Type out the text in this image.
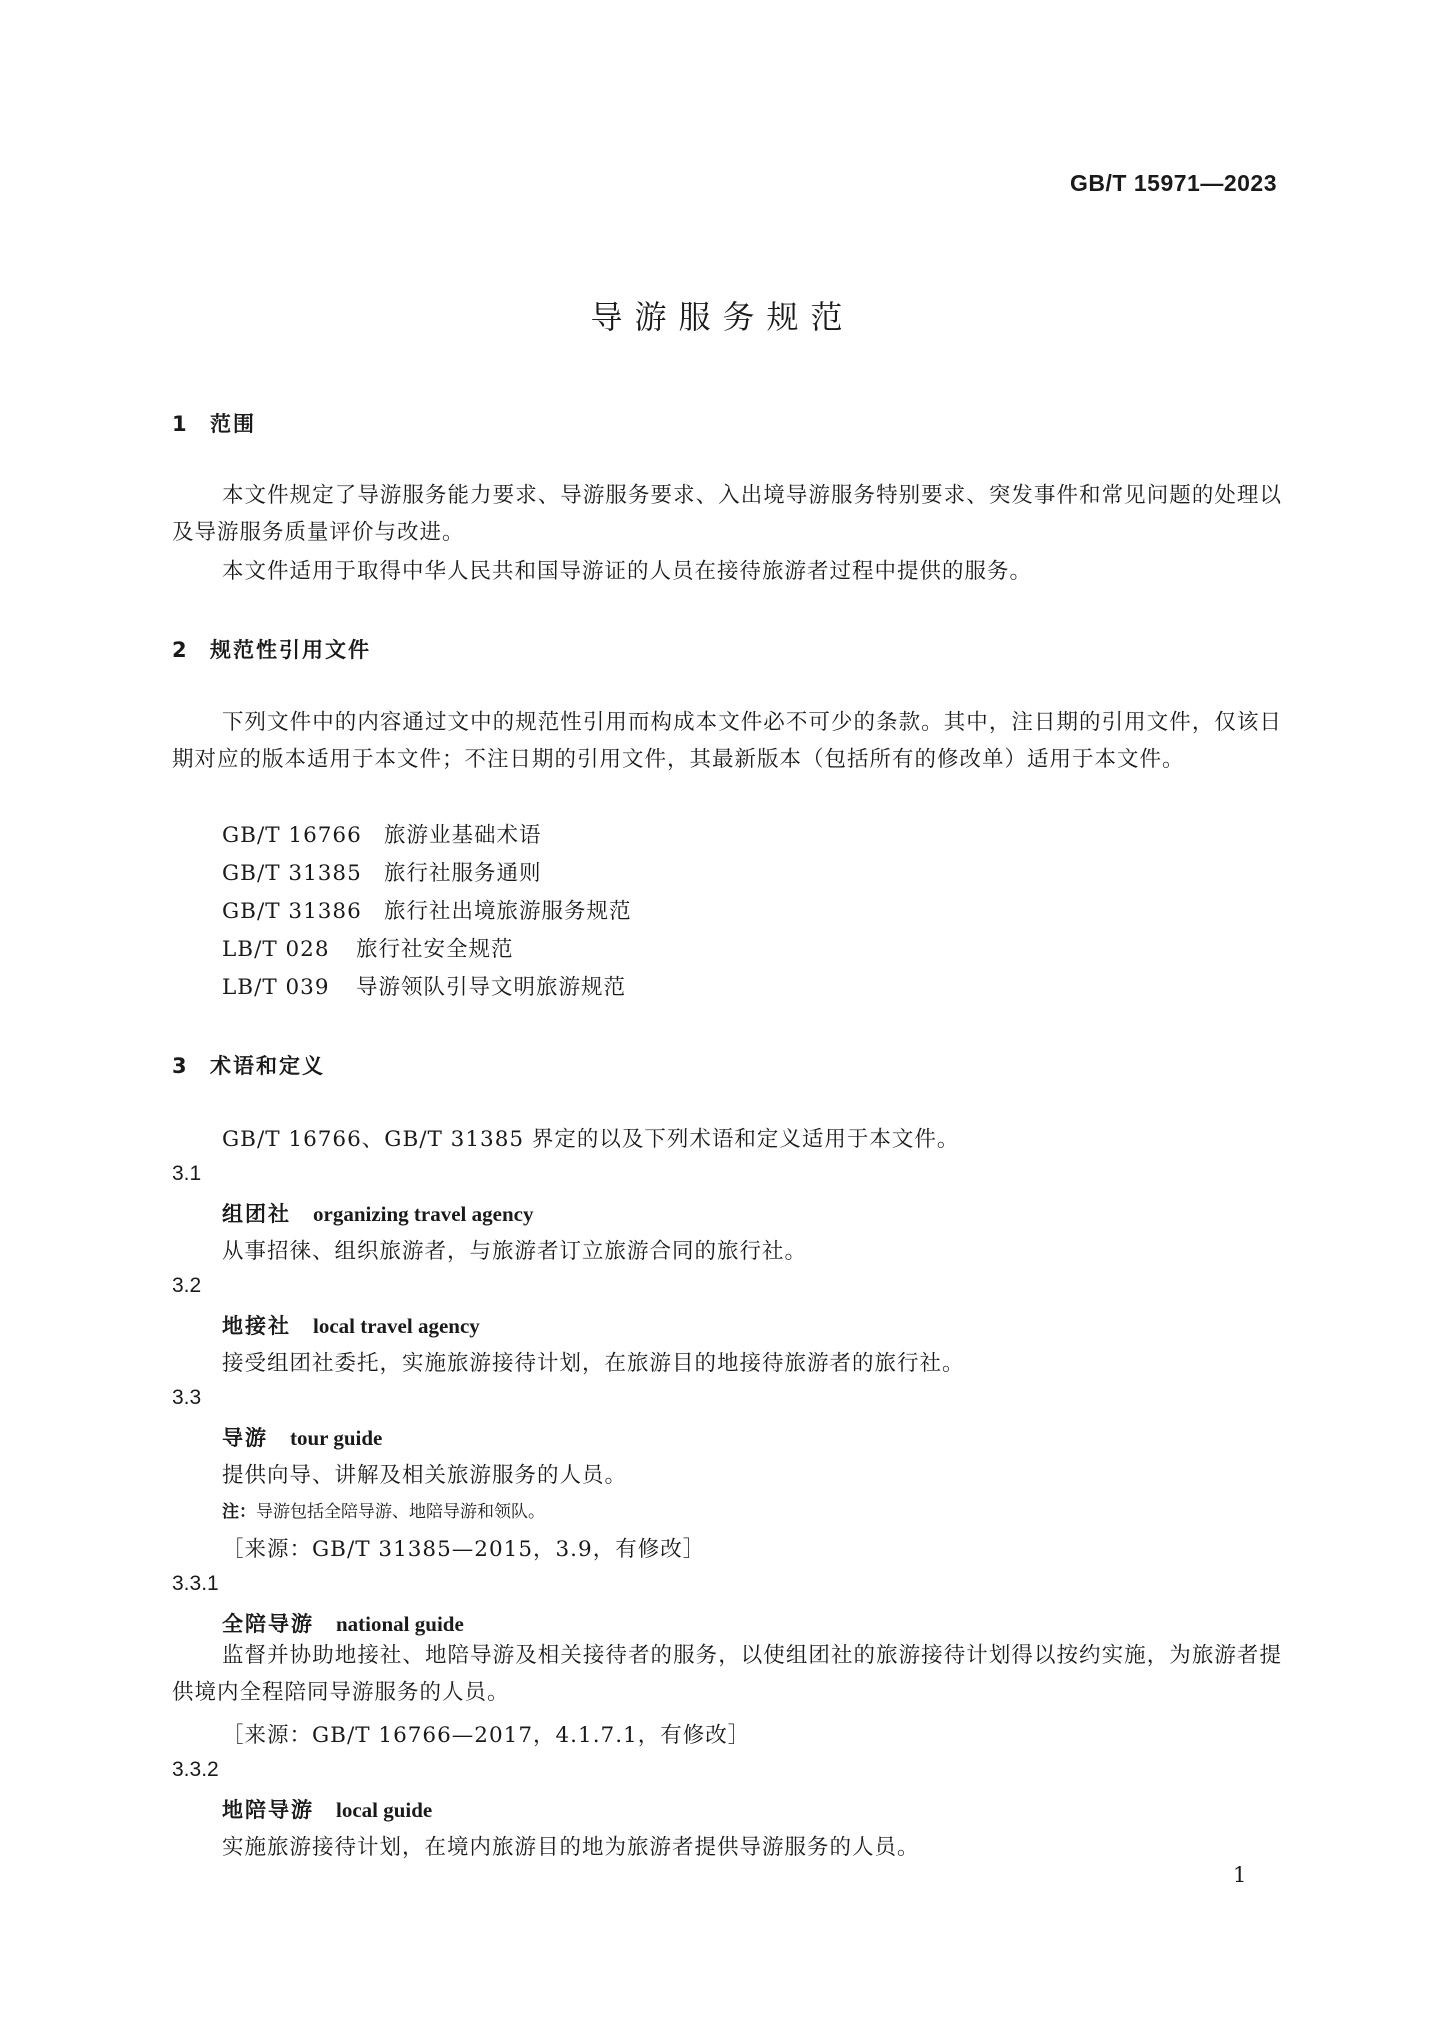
GB/T 15971—2023
导游服务规范
1 范围
本文件规定了导游服务能力要求、导游服务要求、入出境导游服务特别要求、突发事件和常见问题的处理以及导游服务质量评价与改进。
本文件适用于取得中华人民共和国导游证的人员在接待旅游者过程中提供的服务。
2 规范性引用文件
下列文件中的内容通过文中的规范性引用而构成本文件必不可少的条款。其中，注日期的引用文件，仅该日期对应的版本适用于本文件；不注日期的引用文件，其最新版本（包括所有的修改单）适用于本文件。
GB/T 16766 旅游业基础术语
GB/T 31385 旅行社服务通则
GB/T 31386 旅行社出境旅游服务规范
LB/T 028 旅行社安全规范
LB/T 039 导游领队引导文明旅游规范
3 术语和定义
GB/T 16766、GB/T 31385 界定的以及下列术语和定义适用于本文件。
3.1
组团社 organizing travel agency
从事招徕、组织旅游者，与旅游者订立旅游合同的旅行社。
3.2
地接社 local travel agency
接受组团社委托，实施旅游接待计划，在旅游目的地接待旅游者的旅行社。
3.3
导游 tour guide
提供向导、讲解及相关旅游服务的人员。
注：导游包括全陪导游、地陪导游和领队。
［来源：GB/T 31385—2015，3.9，有修改］
3.3.1
全陪导游 national guide
监督并协助地接社、地陪导游及相关接待者的服务，以使组团社的旅游接待计划得以按约实施，为旅游者提供境内全程陪同导游服务的人员。
［来源：GB/T 16766—2017，4.1.7.1，有修改］
3.3.2
地陪导游 local guide
实施旅游接待计划，在境内旅游目的地为旅游者提供导游服务的人员。
1
